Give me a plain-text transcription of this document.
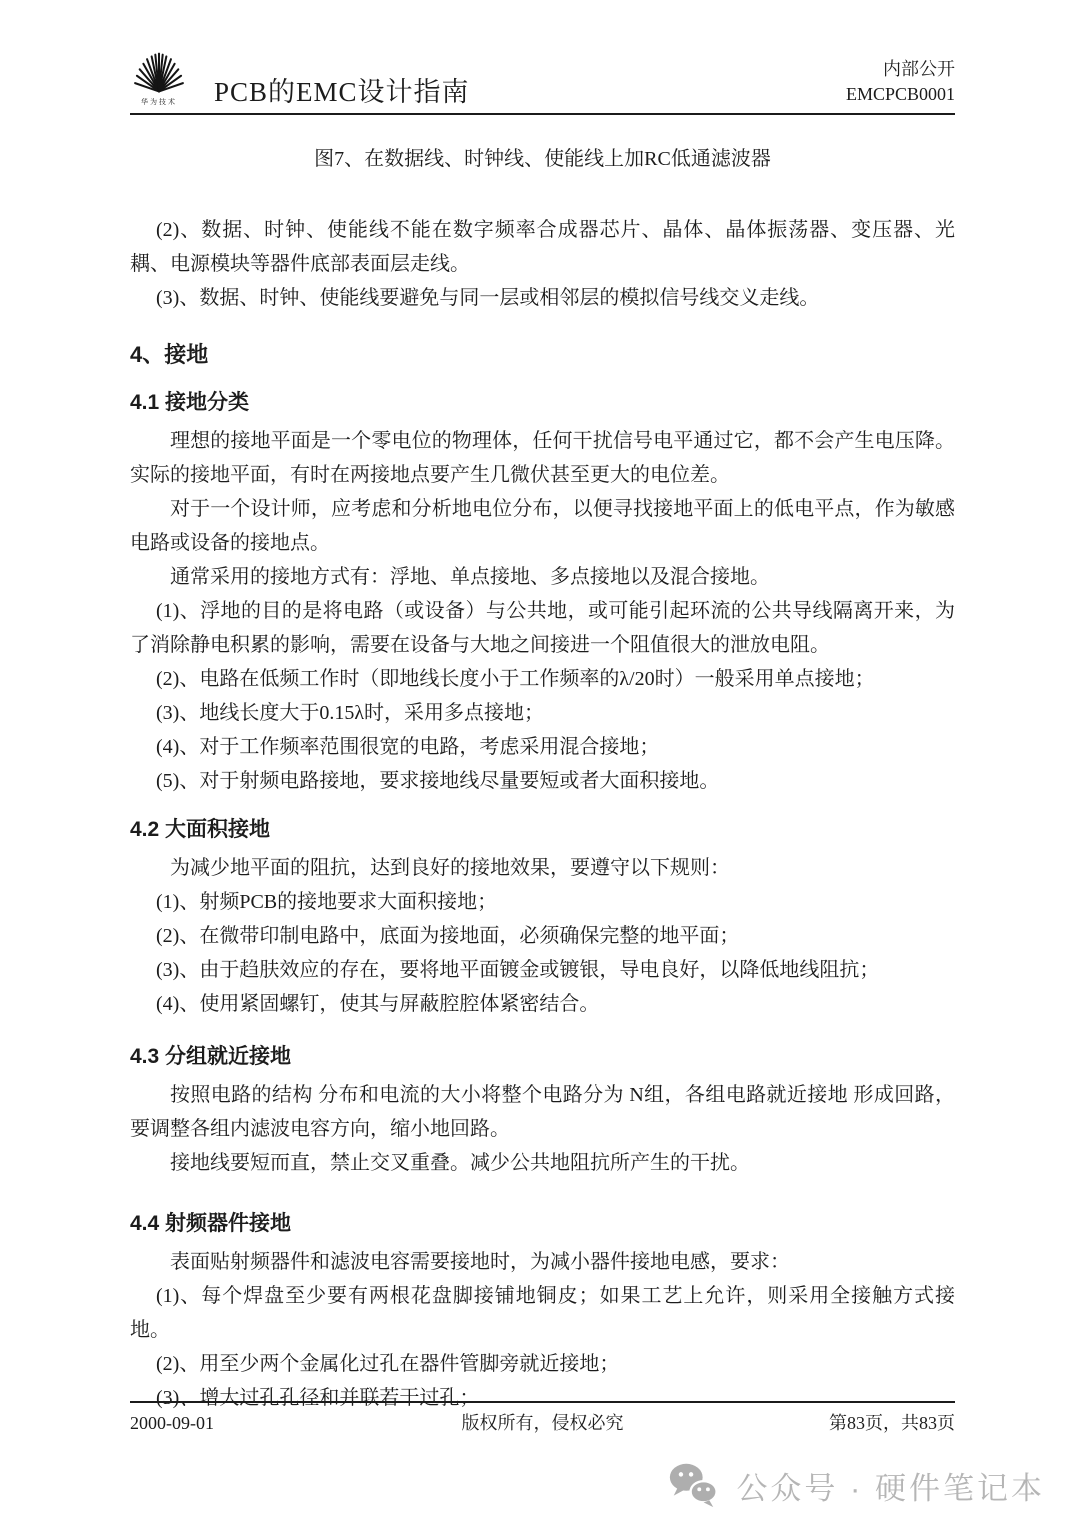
华为技术 PCB的EMC设计指南
内部公开
EMCPCB0001

图7、在数据线、时钟线、使能线上加RC低通滤波器

(2)、数据、时钟、使能线不能在数字频率合成器芯片、晶体、晶体振荡器、变压器、光耦、电源模块等器件底部表面层走线。

(3)、数据、时钟、使能线要避免与同一层或相邻层的模拟信号线交义走线。

4、接地
4.1 接地分类

理想的接地平面是一个零电位的物理体，任何干扰信号电平通过它，都不会产生电压降。实际的接地平面，有时在两接地点要产生几微伏甚至更大的电位差。

对于一个设计师，应考虑和分析地电位分布，以便寻找接地平面上的低电平点，作为敏感电路或设备的接地点。

通常采用的接地方式有：浮地、单点接地、多点接地以及混合接地。

(1)、浮地的目的是将电路（或设备）与公共地，或可能引起环流的公共导线隔离开来，为了消除静电积累的影响，需要在设备与大地之间接进一个阻值很大的泄放电阻。

(2)、电路在低频工作时（即地线长度小于工作频率的λ/20时）一般采用单点接地；

(3)、地线长度大于0.15λ时，采用多点接地；

(4)、对于工作频率范围很宽的电路，考虑采用混合接地；

(5)、对于射频电路接地，要求接地线尽量要短或者大面积接地。

4.2 大面积接地

为减少地平面的阻抗，达到良好的接地效果，要遵守以下规则：

(1)、射频PCB的接地要求大面积接地；

(2)、在微带印制电路中，底面为接地面，必须确保完整的地平面；

(3)、由于趋肤效应的存在，要将地平面镀金或镀银，导电良好，以降低地线阻抗；

(4)、使用紧固螺钉，使其与屏蔽腔腔体紧密结合。

4.3 分组就近接地

按照电路的结构 分布和电流的大小将整个电路分为 N组，各组电路就近接地 形成回路，要调整各组内滤波电容方向，缩小地回路。

接地线要短而直，禁止交叉重叠。减少公共地阻抗所产生的干扰。

4.4 射频器件接地

表面贴射频器件和滤波电容需要接地时，为减小器件接地电感，要求：

(1)、每个焊盘至少要有两根花盘脚接铺地铜皮；如果工艺上允许，则采用全接触方式接地。

(2)、用至少两个金属化过孔在器件管脚旁就近接地；

(3)、增大过孔孔径和并联若干过孔；

版权所有，侵权必究
2000-09-01	第83页，共83页
公众号 · 硬件笔记本
